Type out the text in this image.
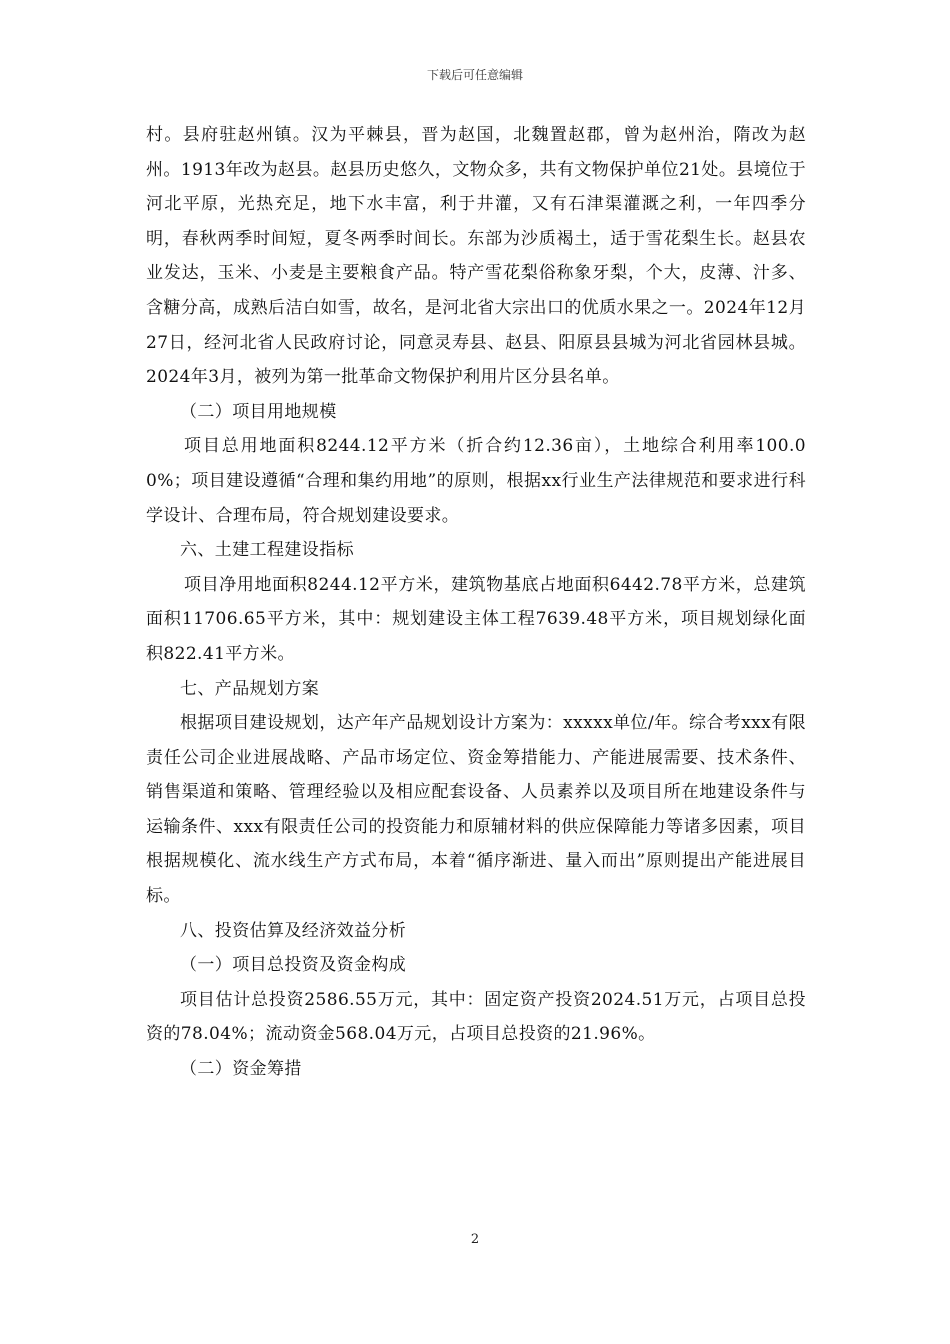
下载后可任意编辑

村。县府驻赵州镇。汉为平棘县，晋为赵国，北魏置赵郡，曾为赵州治，隋改为赵州。1913年改为赵县。赵县历史悠久，文物众多，共有文物保护单位21处。县境位于河北平原，光热充足，地下水丰富，利于井灌，又有石津渠灌溉之利，一年四季分明，春秋两季时间短，夏冬两季时间长。东部为沙质褐土，适于雪花梨生长。赵县农业发达，玉米、小麦是主要粮食产品。特产雪花梨俗称象牙梨，个大，皮薄、汁多、含糖分高，成熟后洁白如雪，故名，是河北省大宗出口的优质水果之一。2024年12月27日，经河北省人民政府讨论，同意灵寿县、赵县、阳原县县城为河北省园林县城。2024年3月，被列为第一批革命文物保护利用片区分县名单。

（二）项目用地规模

项目总用地面积8244.12平方米（折合约12.36亩），土地综合利用率100.00%；项目建设遵循“合理和集约用地”的原则，根据xx行业生产法律规范和要求进行科学设计、合理布局，符合规划建设要求。

六、土建工程建设指标

项目净用地面积8244.12平方米，建筑物基底占地面积6442.78平方米，总建筑面积11706.65平方米，其中：规划建设主体工程7639.48平方米，项目规划绿化面积822.41平方米。

七、产品规划方案

根据项目建设规划，达产年产品规划设计方案为：xxxxx单位/年。综合考xxx有限责任公司企业进展战略、产品市场定位、资金筹措能力、产能进展需要、技术条件、销售渠道和策略、管理经验以及相应配套设备、人员素养以及项目所在地建设条件与运输条件、xxx有限责任公司的投资能力和原辅材料的供应保障能力等诸多因素，项目根据规模化、流水线生产方式布局，本着“循序渐进、量入而出”原则提出产能进展目标。

八、投资估算及经济效益分析

（一）项目总投资及资金构成

项目估计总投资2586.55万元，其中：固定资产投资2024.51万元，占项目总投资的78.04%；流动资金568.04万元，占项目总投资的21.96%。

（二）资金筹措

2
